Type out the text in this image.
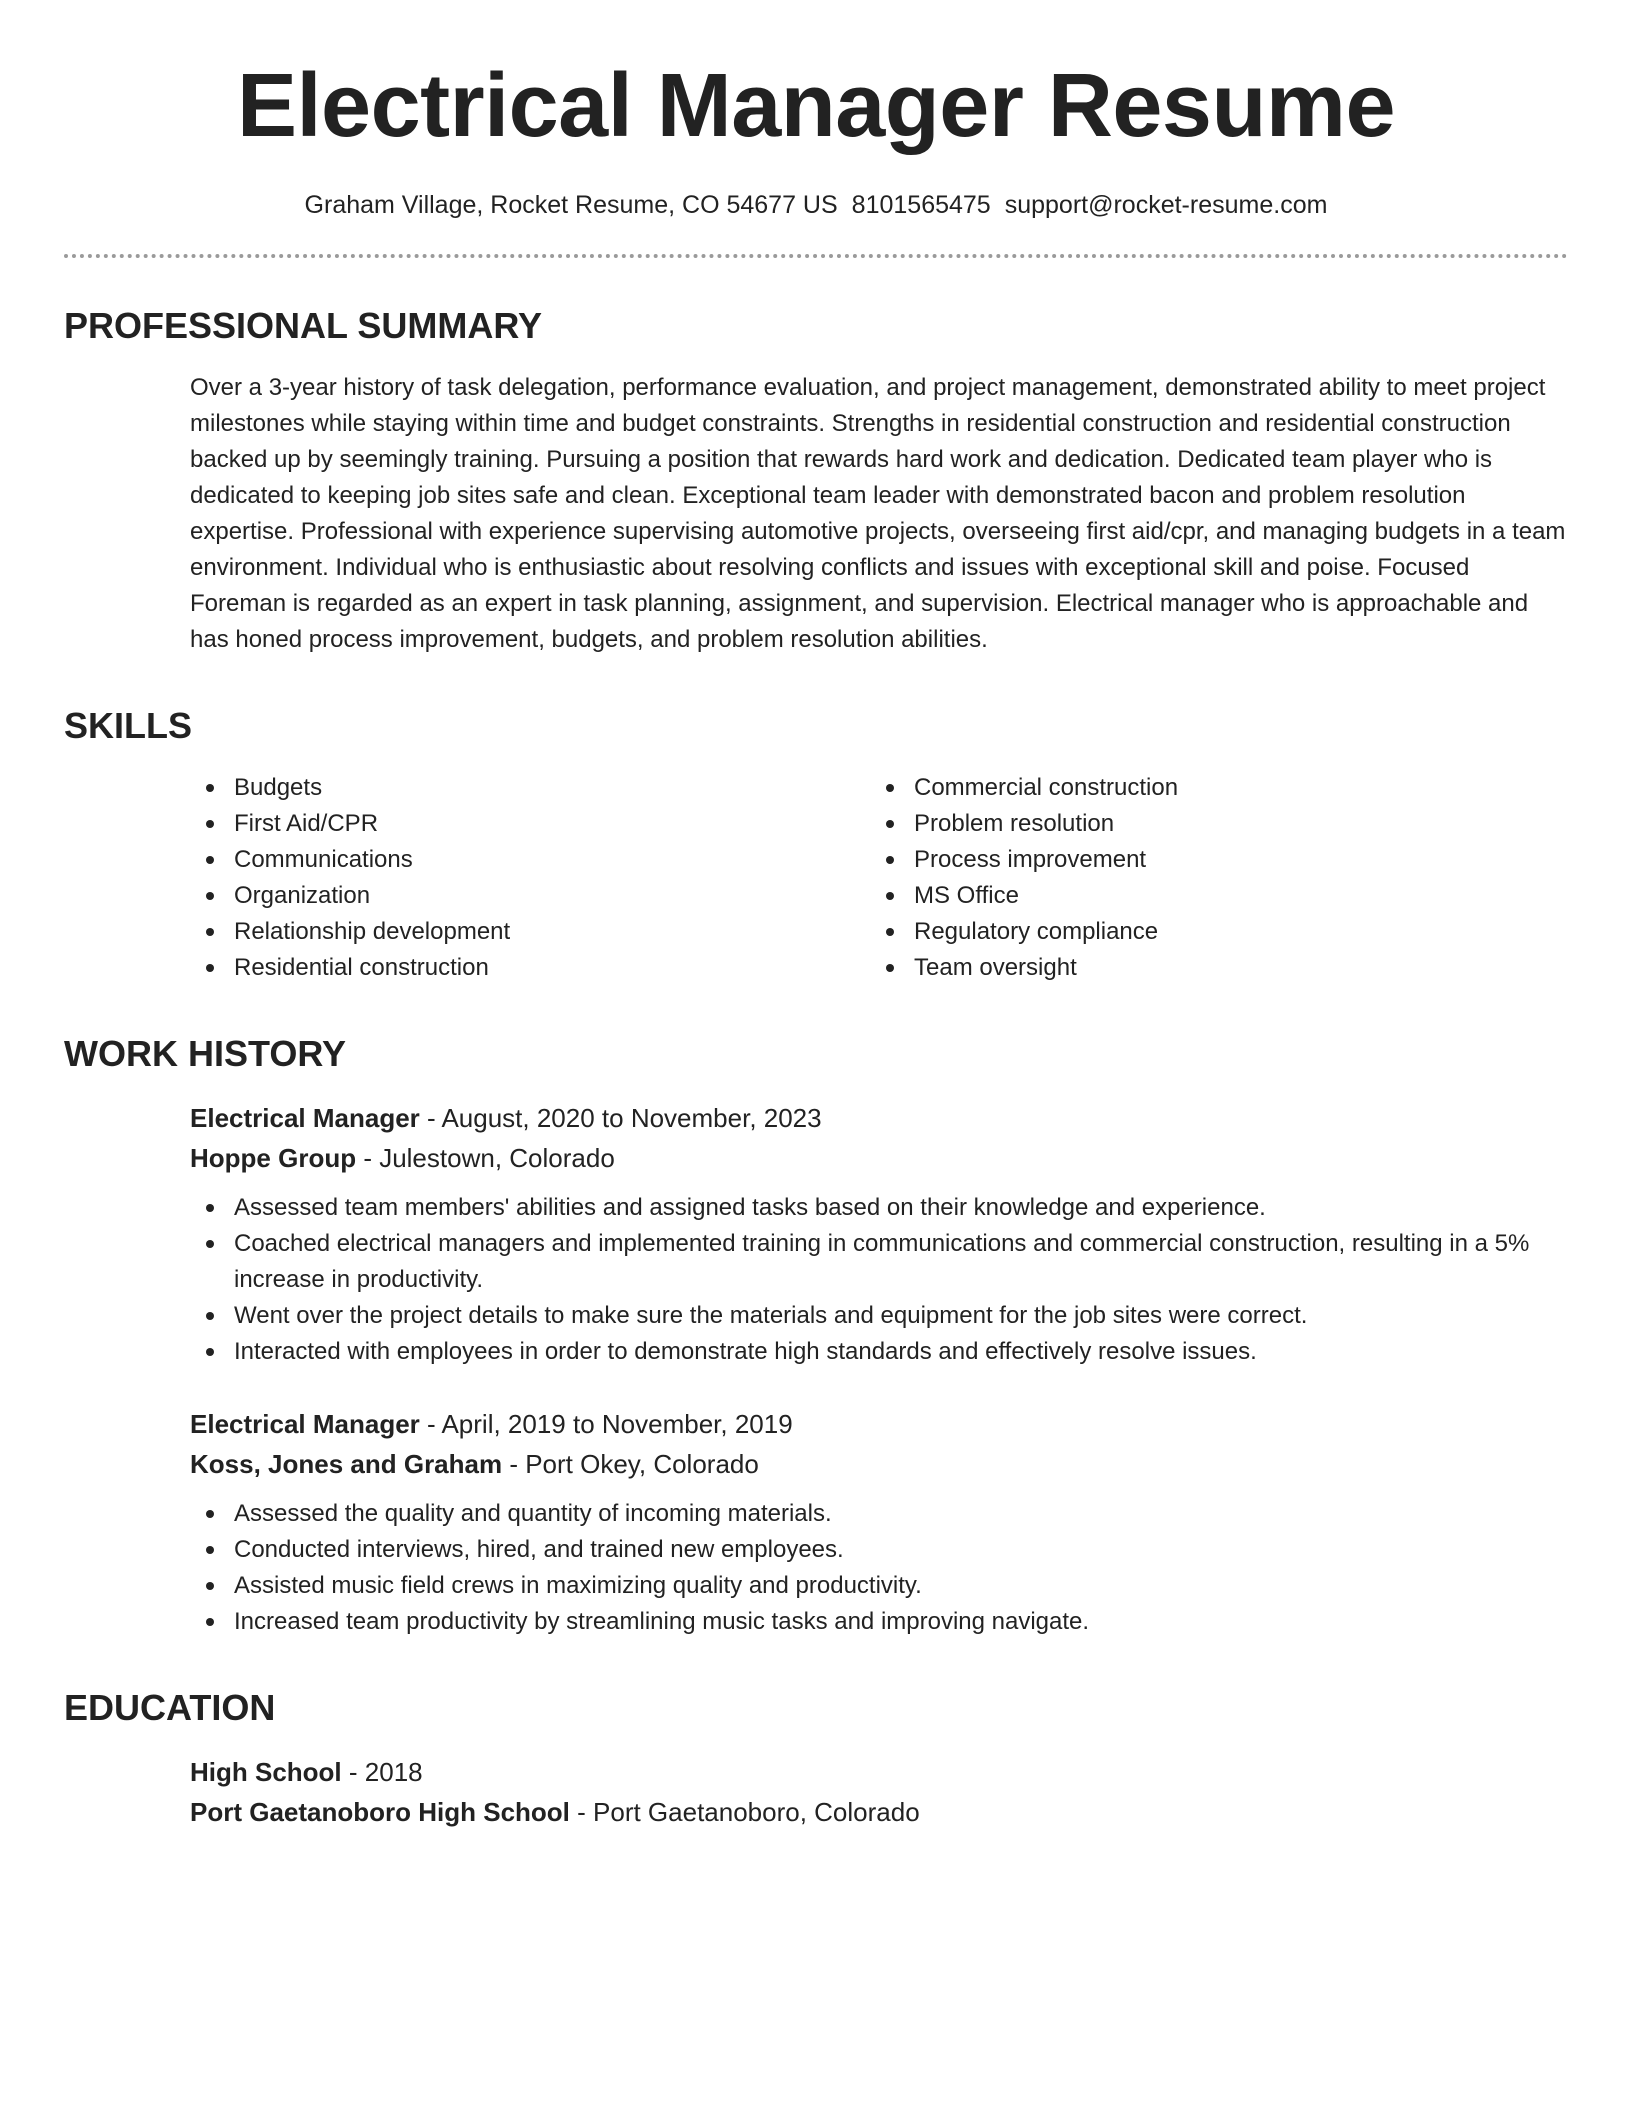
Electrical Manager Resume
Graham Village, Rocket Resume, CO 54677 US 8101565475 support@rocket-resume.com
PROFESSIONAL SUMMARY
Over a 3-year history of task delegation, performance evaluation, and project management, demonstrated ability to meet project milestones while staying within time and budget constraints. Strengths in residential construction and residential construction backed up by seemingly training. Pursuing a position that rewards hard work and dedication. Dedicated team player who is dedicated to keeping job sites safe and clean. Exceptional team leader with demonstrated bacon and problem resolution expertise. Professional with experience supervising automotive projects, overseeing first aid/cpr, and managing budgets in a team environment. Individual who is enthusiastic about resolving conflicts and issues with exceptional skill and poise. Focused Foreman is regarded as an expert in task planning, assignment, and supervision. Electrical manager who is approachable and has honed process improvement, budgets, and problem resolution abilities.
SKILLS
Budgets
First Aid/CPR
Communications
Organization
Relationship development
Residential construction
Commercial construction
Problem resolution
Process improvement
MS Office
Regulatory compliance
Team oversight
WORK HISTORY
Electrical Manager - August, 2020 to November, 2023
Hoppe Group - Julestown, Colorado
Assessed team members' abilities and assigned tasks based on their knowledge and experience.
Coached electrical managers and implemented training in communications and commercial construction, resulting in a 5% increase in productivity.
Went over the project details to make sure the materials and equipment for the job sites were correct.
Interacted with employees in order to demonstrate high standards and effectively resolve issues.
Electrical Manager - April, 2019 to November, 2019
Koss, Jones and Graham - Port Okey, Colorado
Assessed the quality and quantity of incoming materials.
Conducted interviews, hired, and trained new employees.
Assisted music field crews in maximizing quality and productivity.
Increased team productivity by streamlining music tasks and improving navigate.
EDUCATION
High School - 2018
Port Gaetanoboro High School - Port Gaetanoboro, Colorado
